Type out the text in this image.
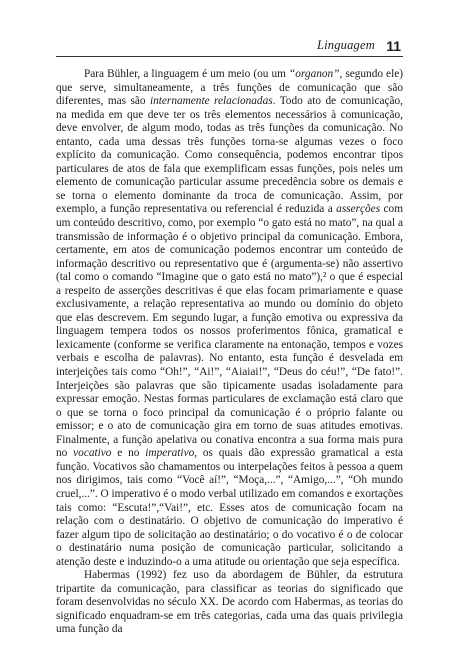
Linguagem 11

Para Bühler, a linguagem é um meio (ou um “organon”, segundo ele) que serve, simultaneamente, a três funções de comunicação que são diferentes, mas são internamente relacionadas. Todo ato de comunicação, na medida em que deve ter os três elementos necessários à comunicação, deve envolver, de algum modo, todas as três funções da comunicação. No entanto, cada uma dessas três funções torna-se algumas vezes o foco explícito da comunicação. Como consequência, podemos encontrar tipos particulares de atos de fala que exemplificam essas funções, pois neles um elemento de comunicação particular assume precedência sobre os demais e se torna o elemento dominante da troca de comunicação. Assim, por exemplo, a função representativa ou referencial é reduzida a asserções com um conteúdo descritivo, como, por exemplo “o gato está no mato”, na qual a transmissão de informação é o objetivo principal da comunicação. Embora, certamente, em atos de comunicação podemos encontrar um conteúdo de informação descritivo ou representativo que é (argumenta-se) não assertivo (tal como o comando “Imagine que o gato está no mato”),² o que é especial a respeito de asserções descritivas é que elas focam primariamente e quase exclusivamente, a relação representativa ao mundo ou domínio do objeto que elas descrevem. Em segundo lugar, a função emotiva ou expressiva da linguagem tempera todos os nossos proferimentos fônica, gramatical e lexicamente (conforme se verifica claramente na entonação, tempos e vozes verbais e escolha de palavras). No entanto, esta função é desvelada em interjeições tais como “Oh!”, “Ai!”, “Aiaiai!”, “Deus do céu!”, “De fato!”. Interjeições são palavras que são tipicamente usadas isoladamente para expressar emoção. Nestas formas particulares de exclamação está claro que o que se torna o foco principal da comunicação é o próprio falante ou emissor; e o ato de comunicação gira em torno de suas atitudes emotivas. Finalmente, a função apelativa ou conativa encontra a sua forma mais pura no vocativo e no imperativo, os quais dão expressão gramatical a esta função. Vocativos são chamamentos ou interpelações feitos à pessoa a quem nos dirigimos, tais como “Você aí!”, “Moça,...”, “Amigo,...”, “Oh mundo cruel,...”. O imperativo é o modo verbal utilizado em comandos e exortações tais como: “Escuta!”,“Vai!”, etc. Esses atos de comunicação focam na relação com o destinatário. O objetivo de comunicação do imperativo é fazer algum tipo de solicitação ao destinatário; o do vocativo é o de colocar o destinatário numa posição de comunicação particular, solicitando a atenção deste e induzindo-o a uma atitude ou orientação que seja específica.

Habermas (1992) fez uso da abordagem de Bühler, da estrutura tripartite da comunicação, para classificar as teorias do significado que foram desenvolvidas no século XX. De acordo com Habermas, as teorias do significado enquadram-se em três categorias, cada uma das quais privilegia uma função da
